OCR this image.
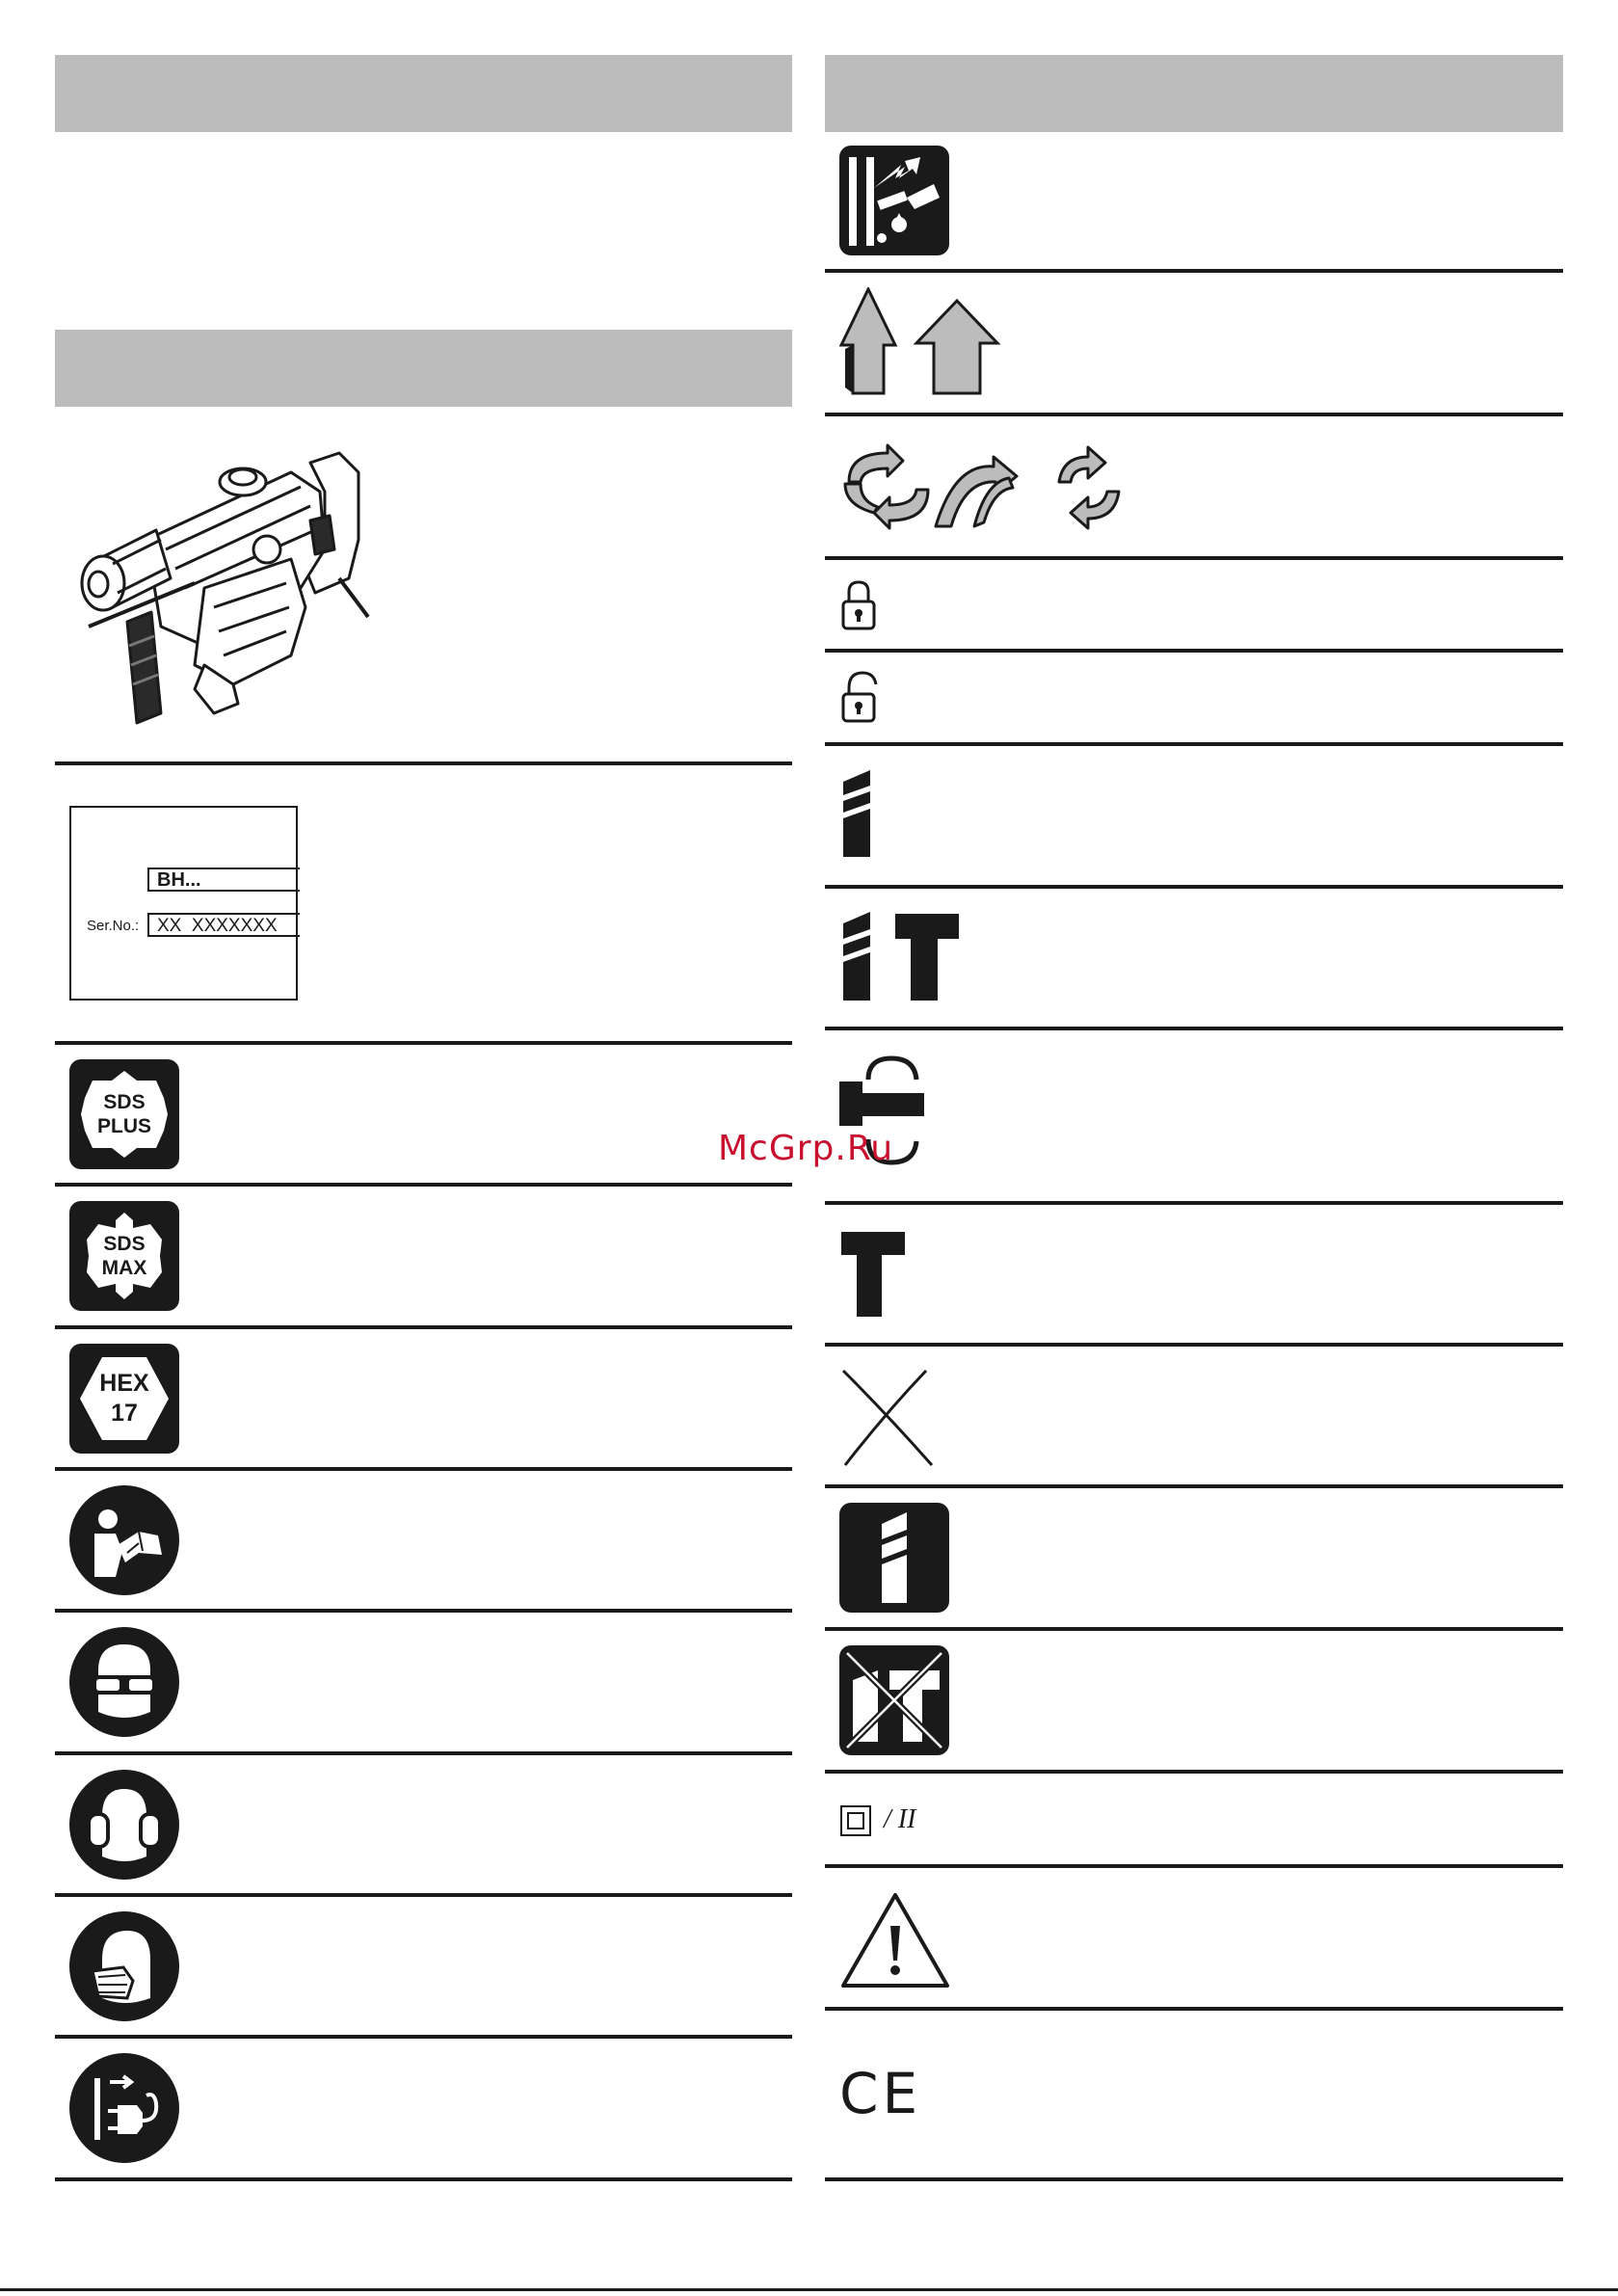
BH...
Ser.No.: XX  XXXXXXX
SDS
PLUS
SDS
MAX
HEX
17
/ II
CE
McGrp.Ru
